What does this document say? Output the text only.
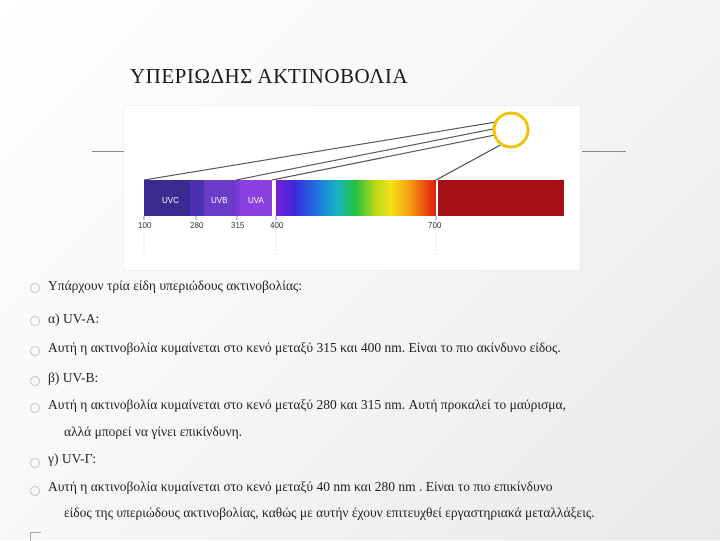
ΥΠΕΡΙΩΔΗΣ ΑΚΤΙΝΟΒΟΛΙΑ
UVC	UVB	UVA
100	280	315	400	700
Υπάρχουν τρία είδη υπεριώδους ακτινοβολίας:
α) UV-A:
Αυτή η ακτινοβολία κυμαίνεται στο κενό μεταξύ 315 και 400 nm. Είναι το πιο ακίνδυνο είδος.
β) UV-B:
Αυτή η ακτινοβολία κυμαίνεται στο κενό μεταξύ 280 και 315 nm. Αυτή προκαλεί το μαύρισμα,
αλλά μπορεί να γίνει επικίνδυνη.
γ) UV-Γ:
Αυτή η ακτινοβολία κυμαίνεται στο κενό μεταξύ 40 nm και 280 nm . Είναι το πιο επικίνδυνο
είδος της υπεριώδους ακτινοβολίας, καθώς με αυτήν έχουν επιτευχθεί εργαστηριακά μεταλλάξεις.
